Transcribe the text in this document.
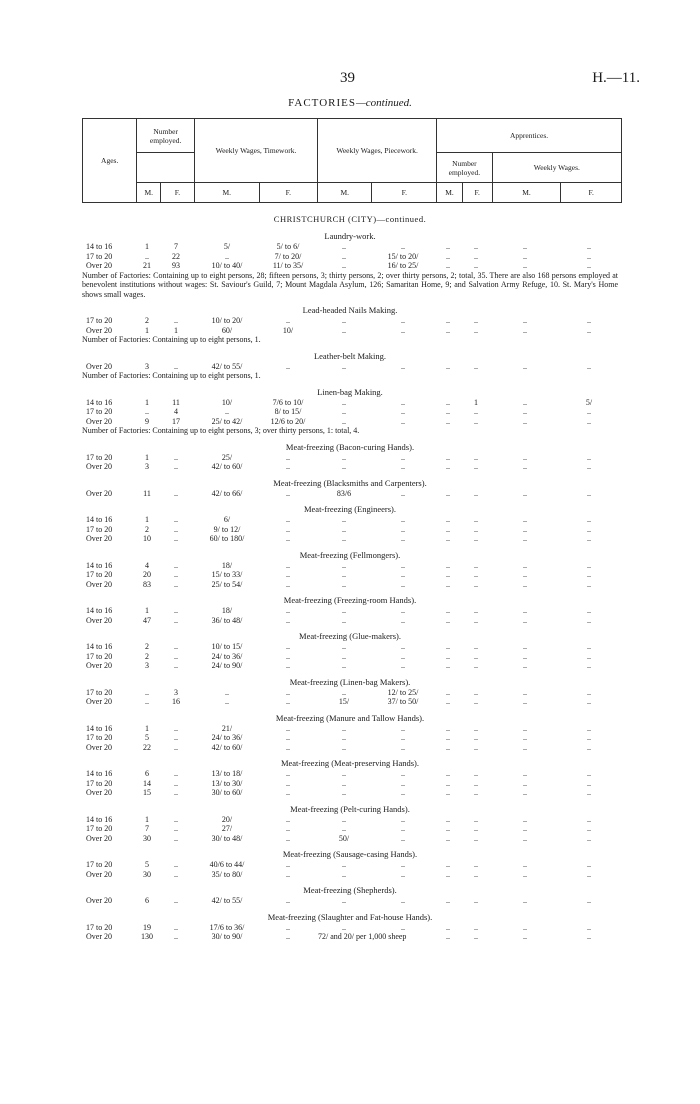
39	H.—11.
FACTORIES—continued.
Ages.	Number employed.		Weekly Wages, Timework.		Weekly Wages, Piecework.		Apprentices.			
							Number employed.		Weekly Wages.	
	M.	F.	M.	F.	M.	F.	M.	F.	M.	F.
CHRISTCHURCH (CITY)—continued.
Laundry-work.
14 to 16	1	7	5/	5/ to 6/	..	..	..	..	..	..
17 to 20	..	22	..	7/ to 20/	..	15/ to 20/	..	..	..	..
Over 20	21	93	10/ to 40/	11/ to 35/	..	16/ to 25/	..	..	..	..
Number of Factories: Containing up to eight persons, 28; fifteen persons, 3; thirty persons, 2; over thirty persons, 2; total, 35. There are also 168 persons employed at benevolent institutions without wages: St. Saviour's Guild, 7; Mount Magdala Asylum, 126; Samaritan Home, 9; and Salvation Army Refuge, 10. St. Mary's Home shows small wages.
Lead-headed Nails Making.
17 to 20	2	..	10/ to 20/	..	..	..	..	..	..	..
Over 20	1	1	60/	10/	..	..	..	..	..	..
Number of Factories: Containing up to eight persons, 1.
Leather-belt Making.
Over 20	3	..	42/ to 55/	..	..	..	..	..	..	..
Number of Factories: Containing up to eight persons, 1.
Linen-bag Making.
14 to 16	1	11	10/	7/6 to 10/	..	..	..	1	..	5/
17 to 20	..	4	..	8/ to 15/	..	..	..	..	..	..
Over 20	9	17	25/ to 42/	12/6 to 20/	..	..	..	..	..	..
Number of Factories: Containing up to eight persons, 3; over thirty persons, 1: total, 4.
Meat-freezing (Bacon-curing Hands).
17 to 20	1	..	25/	..	..	..	..	..	..	..
Over 20	3	..	42/ to 60/	..	..	..	..	..	..	..
Meat-freezing (Blacksmiths and Carpenters).
Over 20	11	..	42/ to 66/	..	83/6	..	..	..	..	..
Meat-freezing (Engineers).
14 to 16	1	..	6/	..	..	..	..	..	..	..
17 to 20	2	..	9/ to 12/	..	..	..	..	..	..	..
Over 20	10	..	60/ to 180/	..	..	..	..	..	..	..
Meat-freezing (Fellmongers).
14 to 16	4	..	18/	..	..	..	..	..	..	..
17 to 20	20	..	15/ to 33/	..	..	..	..	..	..	..
Over 20	83	..	25/ to 54/	..	..	..	..	..	..	..
Meat-freezing (Freezing-room Hands).
14 to 16	1	..	18/	..	..	..	..	..	..	..
Over 20	47	..	36/ to 48/	..	..	..	..	..	..	..
Meat-freezing (Glue-makers).
14 to 16	2	..	10/ to 15/	..	..	..	..	..	..	..
17 to 20	2	..	24/ to 36/	..	..	..	..	..	..	..
Over 20	3	..	24/ to 90/	..	..	..	..	..	..	..
Meat-freezing (Linen-bag Makers).
17 to 20	..	3	..	..	..	12/ to 25/	..	..	..	..
Over 20	..	16	..	..	15/	37/ to 50/	..	..	..	..
Meat-freezing (Manure and Tallow Hands).
14 to 16	1	..	21/	..	..	..	..	..	..	..
17 to 20	5	..	24/ to 36/	..	..	..	..	..	..	..
Over 20	22	..	42/ to 60/	..	..	..	..	..	..	..
Meat-freezing (Meat-preserving Hands).
14 to 16	6	..	13/ to 18/	..	..	..	..	..	..	..
17 to 20	14	..	13/ to 30/	..	..	..	..	..	..	..
Over 20	15	..	30/ to 60/	..	..	..	..	..	..	..
Meat-freezing (Pelt-curing Hands).
14 to 16	1	..	20/	..	..	..	..	..	..	..
17 to 20	7	..	27/	..	..	..	..	..	..	..
Over 20	30	..	30/ to 48/	..	50/	..	..	..	..	..
Meat-freezing (Sausage-casing Hands).
17 to 20	5	..	40/6 to 44/	..	..	..	..	..	..	..
Over 20	30	..	35/ to 80/	..	..	..	..	..	..	..
Meat-freezing (Shepherds).
Over 20	6	..	42/ to 55/	..	..	..	..	..	..	..
Meat-freezing (Slaughter and Fat-house Hands).
17 to 20	19	..	17/6 to 36/	..	..	..	..	..	..	..
Over 20	130	..	30/ to 90/	..	72/ and 20/ per 1,000 sheep	..	..	..	..
